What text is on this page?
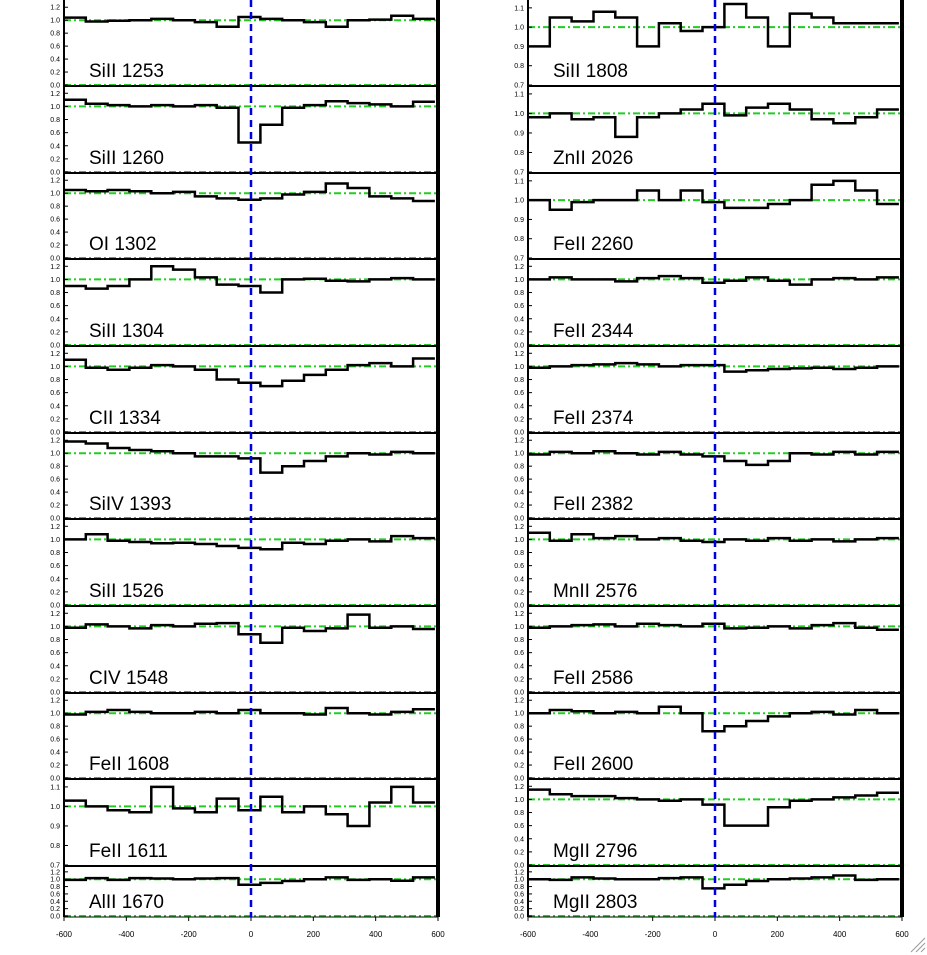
1.2
1.0
0.8
0.6
0.4
0.2
0.0
SiII 1253
1.2
1.0
0.8
0.6
0.4
0.2
0.0
SiII 1260
1.2
1.0
0.8
0.6
0.4
0.2
0.0
OI 1302
1.2
1.0
0.8
0.6
0.4
0.2
0.0
SiII 1304
1.2
1.0
0.8
0.6
0.4
0.2
0.0
CII 1334
1.2
1.0
0.8
0.6
0.4
0.2
0.0
SiIV 1393
1.2
1.0
0.8
0.6
0.4
0.2
0.0
SiII 1526
1.2
1.0
0.8
0.6
0.4
0.2
0.0
CIV 1548
1.2
1.0
0.8
0.6
0.4
0.2
0.0
FeII 1608
1.1
1.0
0.9
0.8
0.7
FeII 1611
1.2
1.0
0.8
0.6
0.4
0.2
0.0
AlII 1670
1.1
1.0
0.9
0.8
0.7
SiII 1808
1.1
1.0
0.9
0.8
0.7
ZnII 2026
1.1
1.0
0.9
0.8
0.7
FeII 2260
1.2
1.0
0.8
0.6
0.4
0.2
0.0
FeII 2344
1.2
1.0
0.8
0.6
0.4
0.2
0.0
FeII 2374
1.2
1.0
0.8
0.6
0.4
0.2
0.0
FeII 2382
1.2
1.0
0.8
0.6
0.4
0.2
0.0
MnII 2576
1.2
1.0
0.8
0.6
0.4
0.2
0.0
FeII 2586
1.2
1.0
0.8
0.6
0.4
0.2
0.0
FeII 2600
1.2
1.0
0.8
0.6
0.4
0.2
0.0
MgII 2796
1.2
1.0
0.8
0.6
0.4
0.2
0.0
MgII 2803
-600	-400	-200	0	200	400	600	-600	-400	-200	0	200	400	600
